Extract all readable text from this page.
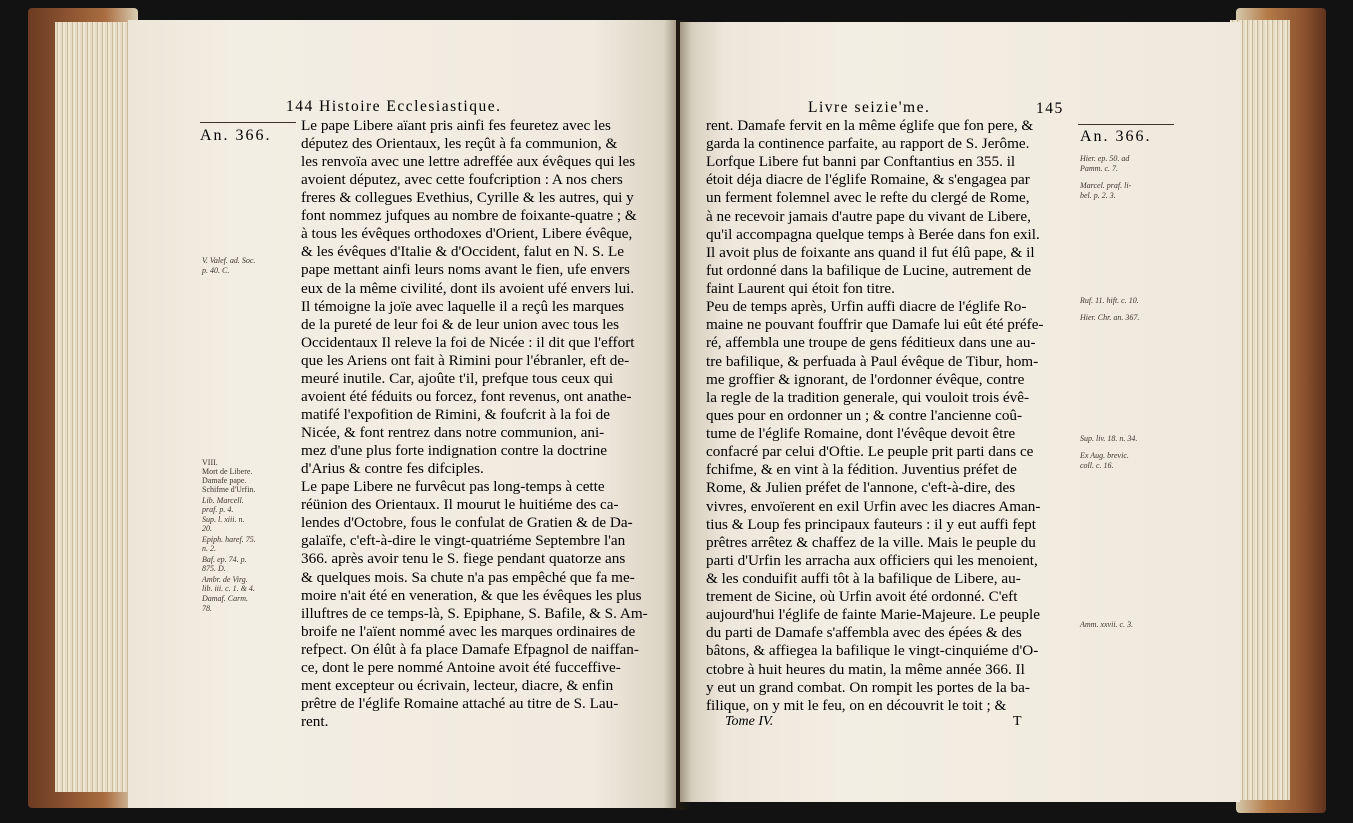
144 Histoire Ecclesiastique.
An. 366.
Livre seizie'me.	145
An. 366.
Le pape Libere aïant pris ainfi fes feuretez avec les
députez des Orientaux, les reçût à fa communion, &
les renvoïa avec une lettre adreffée aux évêques qui les
avoient députez, avec cette foufcription : A nos chers
freres & collegues Evethius, Cyrille & les autres, qui y
font nommez jufques au nombre de foixante-quatre ; &
à tous les évêques orthodoxes d'Orient, Libere évêque,
& les évêques d'Italie & d'Occident, falut en N. S. Le
pape mettant ainfi leurs noms avant le fien, ufe envers
eux de la même civilité, dont ils avoient ufé envers lui.
Il témoigne la joïe avec laquelle il a reçû les marques
de la pureté de leur foi & de leur union avec tous les
Occidentaux Il releve la foi de Nicée : il dit que l'effort
que les Ariens ont fait à Rimini pour l'ébranler, eft de-
meuré inutile. Car, ajoûte t'il, prefque tous ceux qui
avoient été féduits ou forcez, font revenus, ont anathe-
matifé l'expofition de Rimini, & foufcrit à la foi de
Nicée, & font rentrez dans notre communion, ani-
mez d'une plus forte indignation contre la doctrine
d'Arius & contre fes difciples.
Le pape Libere ne furvêcut pas long-temps à cette
réünion des Orientaux. Il mourut le huitiéme des ca-
lendes d'Octobre, fous le confulat de Gratien & de Da-
galaïfe, c'eft-à-dire le vingt-quatriéme Septembre l'an
366. après avoir tenu le S. fiege pendant quatorze ans
& quelques mois. Sa chute n'a pas empêché que fa me-
moire n'ait été en veneration, & que les évêques les plus
illuftres de ce temps-là, S. Epiphane, S. Bafile, & S. Am-
broife ne l'aïent nommé avec les marques ordinaires de
refpect. On élût à fa place Damafe Efpagnol de naiffan-
ce, dont le pere nommé Antoine avoit été fucceffive-
ment excepteur ou écrivain, lecteur, diacre, & enfin
prêtre de l'églife Romaine attaché au titre de S. Lau-
rent.
rent. Damafe fervit en la même églife que fon pere, &
garda la continence parfaite, au rapport de S. Jerôme.
Lorfque Libere fut banni par Conftantius en 355. il
étoit déja diacre de l'églife Romaine, & s'engagea par
un ferment folemnel avec le refte du clergé de Rome,
à ne recevoir jamais d'autre pape du vivant de Libere,
qu'il accompagna quelque temps à Berée dans fon exil.
Il avoit plus de foixante ans quand il fut élû pape, & il
fut ordonné dans la bafilique de Lucine, autrement de
faint Laurent qui étoit fon titre.
Peu de temps après, Urfin auffi diacre de l'églife Ro-
maine ne pouvant fouffrir que Damafe lui eût été préfe-
ré, affembla une troupe de gens féditieux dans une au-
tre bafilique, & perfuada à Paul évêque de Tibur, hom-
me groffier & ignorant, de l'ordonner évêque, contre
la regle de la tradition generale, qui vouloit trois évê-
ques pour en ordonner un ; & contre l'ancienne coû-
tume de l'églife Romaine, dont l'évêque devoit être
confacré par celui d'Oftie. Le peuple prit parti dans ce
fchifme, & en vint à la fédition. Juventius préfet de
Rome, & Julien préfet de l'annone, c'eft-à-dire, des
vivres, envoïerent en exil Urfin avec les diacres Aman-
tius & Loup fes principaux fauteurs : il y eut auffi fept
prêtres arrêtez & chaffez de la ville. Mais le peuple du
parti d'Urfin les arracha aux officiers qui les menoient,
& les conduifit auffi tôt à la bafilique de Libere, au-
trement de Sicine, où Urfin avoit été ordonné. C'eft
aujourd'hui l'églife de fainte Marie-Majeure. Le peuple
du parti de Damafe s'affembla avec des épées & des
bâtons, & affiegea la bafilique le vingt-cinquiéme d'O-
ctobre à huit heures du matin, la même année 366. Il
y eut un grand combat. On rompit les portes de la ba-
filique, on y mit le feu, on en découvrit le toit ; &
V. Valef. ad. Soc.
p. 40. C.
VIII.
Mort de Libere.
Damafe pape.
Schifme d'Urfin.
Lib. Marcell.
praf. p. 4.
Sup. l. xiii. n.
20.
Epiph. haref. 75.
n. 2.
Baf. ep. 74. p.
875. D.
Ambr. de Virg.
lib. iii. c. 1. & 4.
Damaf. Carm.
78.
Hier. ep. 50. ad
Pamm. c. 7.
Marcel. praf. li-
bel. p. 2. 3.
Ruf. 11. hift. c. 10.
Hier. Chr. an. 367.
Sup. liv. 18. n. 34.
Ex Aug. brevic.
coll. c. 16.
Amm. xxvii. c. 3.
Tome IV.	T
